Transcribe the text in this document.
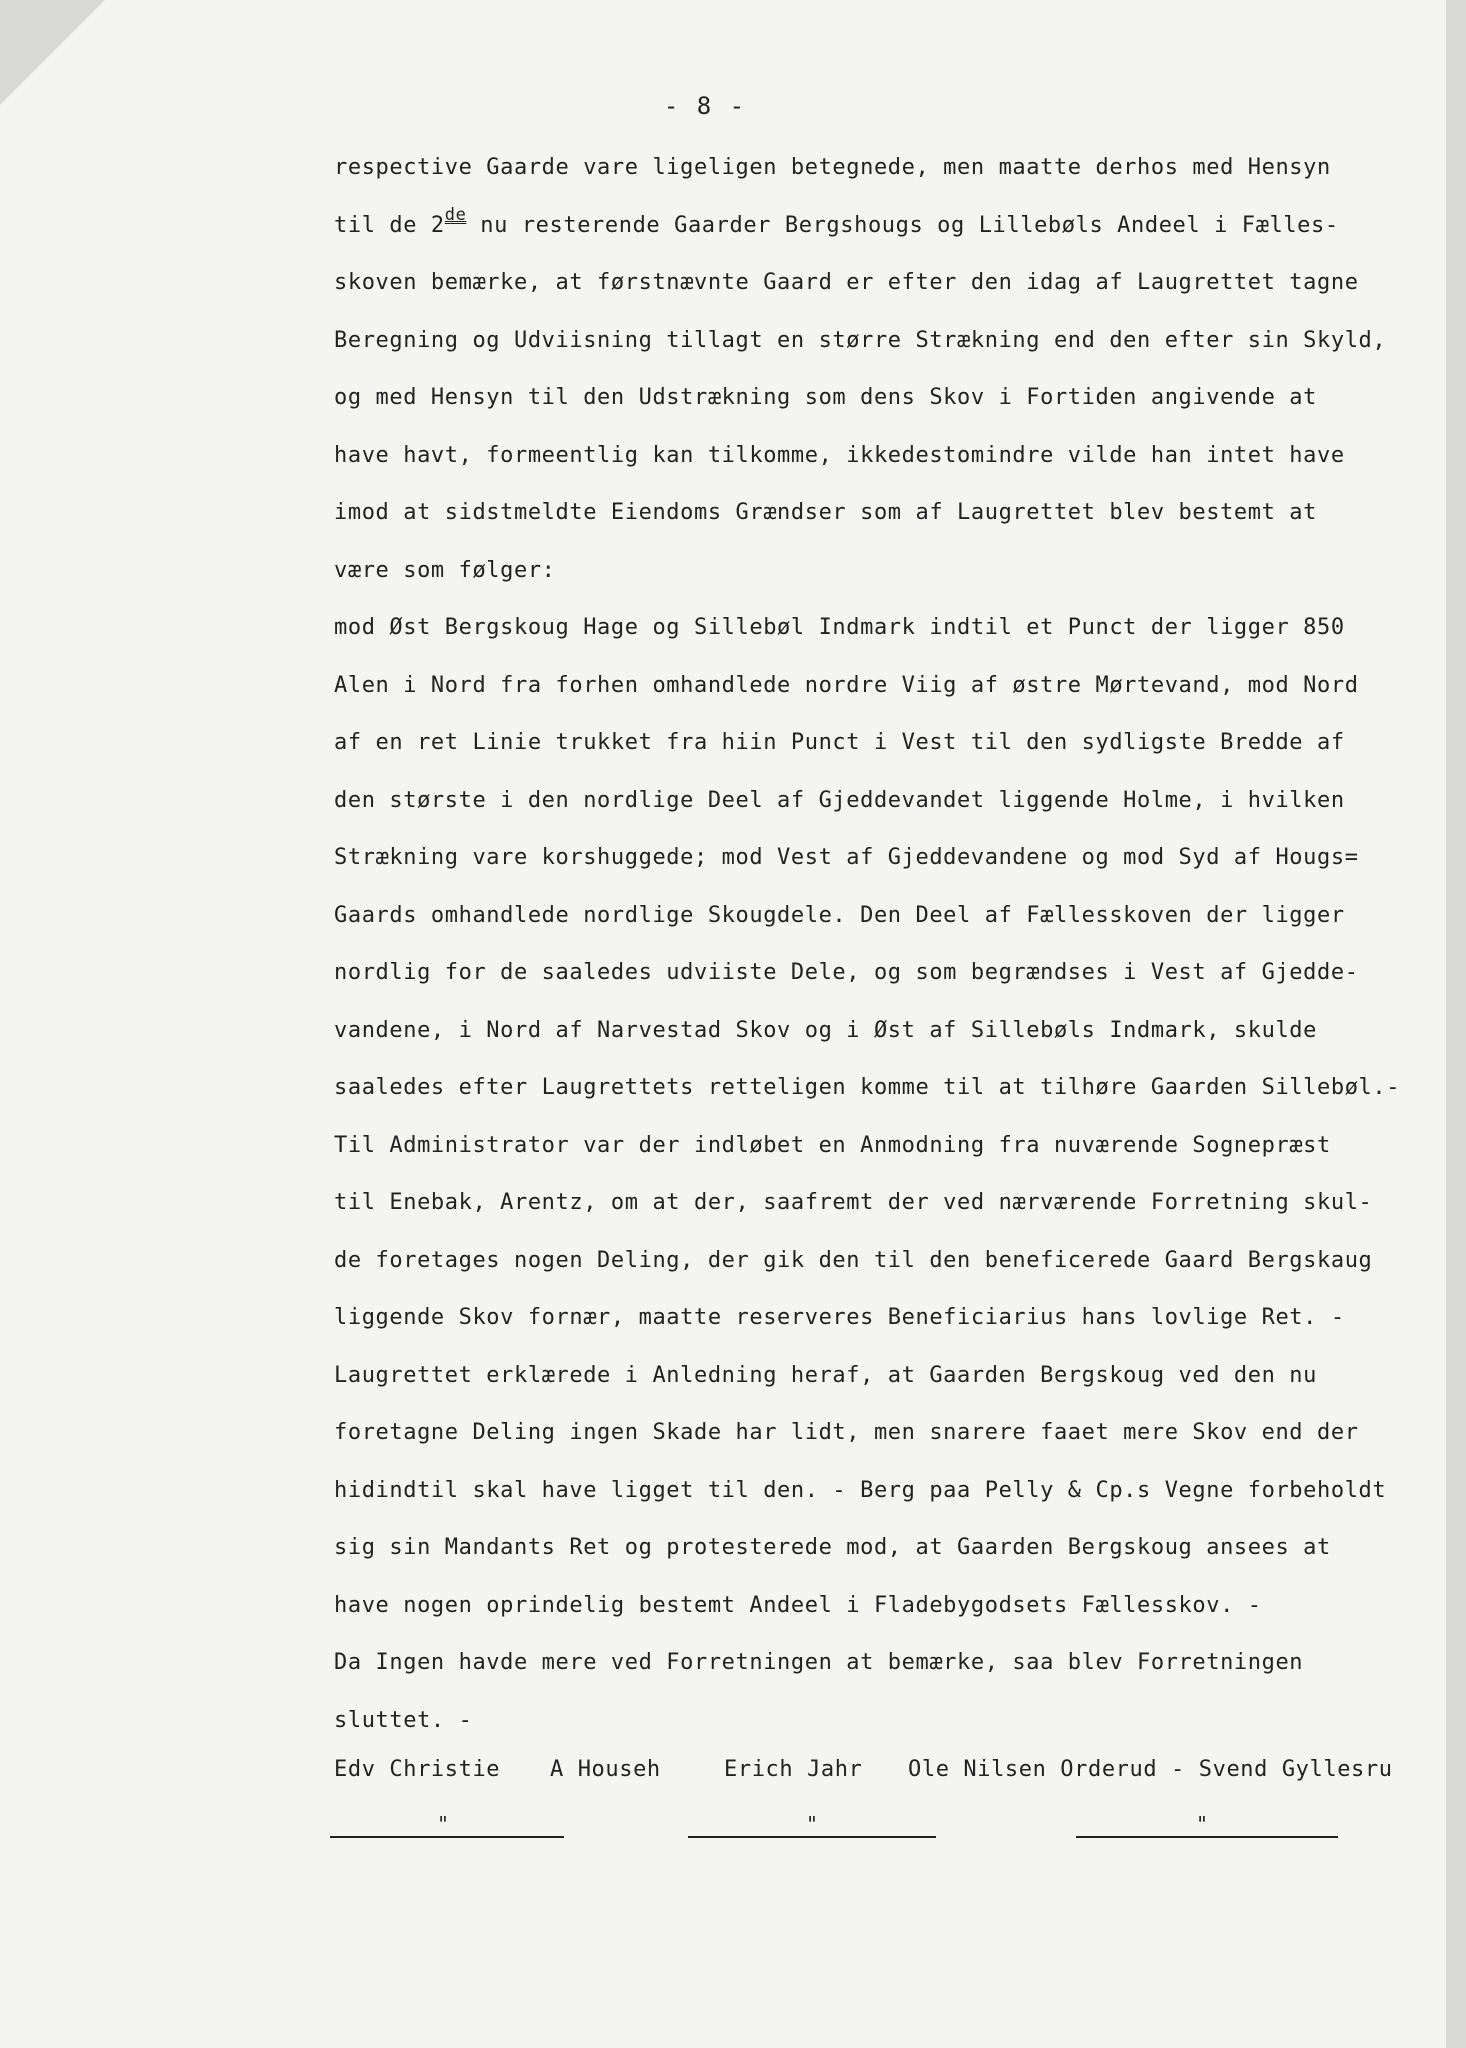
- 8 -
respective Gaarde vare ligeligen betegnede, men maatte derhos med Hensyn
til de 2de nu resterende Gaarder Bergshougs og Lillebøls Andeel i Fælles-
skoven bemærke, at førstnævnte Gaard er efter den idag af Laugrettet tagne
Beregning og Udviisning tillagt en større Strækning end den efter sin Skyld,
og med Hensyn til den Udstrækning som dens Skov i Fortiden angivende at
have havt, formeentlig kan tilkomme, ikkedestomindre vilde han intet have
imod at sidstmeldte Eiendoms Grændser som af Laugrettet blev bestemt at
være som følger:
mod Øst Bergskoug Hage og Sillebøl Indmark indtil et Punct der ligger 850
Alen i Nord fra forhen omhandlede nordre Viig af østre Mørtevand, mod Nord
af en ret Linie trukket fra hiin Punct i Vest til den sydligste Bredde af
den største i den nordlige Deel af Gjeddevandet liggende Holme, i hvilken
Strækning vare korshuggede; mod Vest af Gjeddevandene og mod Syd af Hougs=
Gaards omhandlede nordlige Skougdele. Den Deel af Fællesskoven der ligger
nordlig for de saaledes udviiste Dele, og som begrændses i Vest af Gjedde-
vandene, i Nord af Narvestad Skov og i Øst af Sillebøls Indmark, skulde
saaledes efter Laugrettets retteligen komme til at tilhøre Gaarden Sillebøl.-
Til Administrator var der indløbet en Anmodning fra nuværende Sognepræst
til Enebak, Arentz, om at der, saafremt der ved nærværende Forretning skul-
de foretages nogen Deling, der gik den til den beneficerede Gaard Bergskaug
liggende Skov fornær, maatte reserveres Beneficiarius hans lovlige Ret. -
Laugrettet erklærede i Anledning heraf, at Gaarden Bergskoug ved den nu
foretagne Deling ingen Skade har lidt, men snarere faaet mere Skov end der
hidindtil skal have ligget til den. - Berg paa Pelly & Cp.s Vegne forbeholdt
sig sin Mandants Ret og protesterede mod, at Gaarden Bergskoug ansees at
have nogen oprindelig bestemt Andeel i Fladebygodsets Fællesskov. -
Da Ingen havde mere ved Forretningen at bemærke, saa blev Forretningen
sluttet. -
Edv Christie A Househ	Erich Jahr Ole Nilsen Orderud - Svend Gyllesru
"	"	"
